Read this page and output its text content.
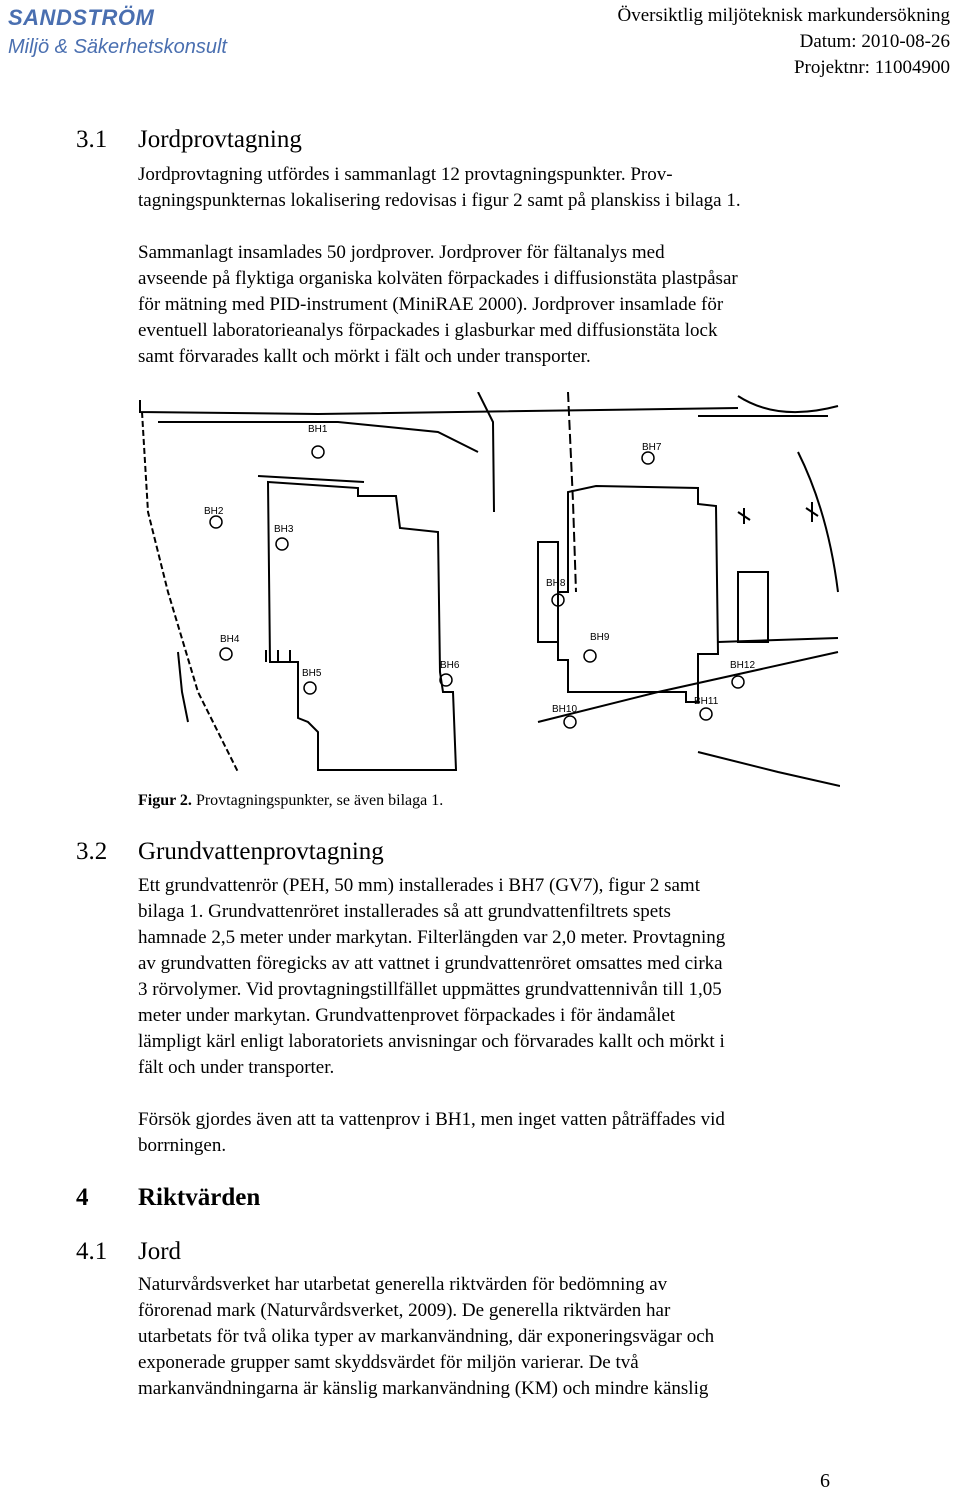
SANDSTRÖM
Miljö & Säkerhetskonsult
Översiktlig miljöteknisk markundersökning
Datum: 2010-08-26
Projektnr: 11004900
3.1 Jordprovtagning

Jordprovtagning utfördes i sammanlagt 12 provtagningspunkter. Prov-

tagningspunkternas lokalisering redovisas i figur 2 samt på planskiss i bilaga 1.

Sammanlagt insamlades 50 jordprover. Jordprover för fältanalys med

avseende på flyktiga organiska kolväten förpackades i diffusionstäta plastpåsar

för mätning med PID-instrument (MiniRAE 2000). Jordprover insamlade för

eventuell laboratorieanalys förpackades i glasburkar med diffusionstäta lock

samt förvarades kallt och mörkt i fält och under transporter.

BH1
BH2
BH3
BH4
BH5
BH6
BH7
BH8
BH9
BH10
BH11
BH12
Figur 2. Provtagningspunkter, se även bilaga 1.
3.2 Grundvattenprovtagning

Ett grundvattenrör (PEH, 50 mm) installerades i BH7 (GV7), figur 2 samt

bilaga 1. Grundvattenröret installerades så att grundvattenfiltrets spets

hamnade 2,5 meter under markytan. Filterlängden var 2,0 meter. Provtagning

av grundvatten föregicks av att vattnet i grundvattenröret omsattes med cirka

3 rörvolymer. Vid provtagningstillfället uppmättes grundvattennivån till 1,05

meter under markytan. Grundvattenprovet förpackades i för ändamålet

lämpligt kärl enligt laboratoriets anvisningar och förvarades kallt och mörkt i

fält och under transporter.

Försök gjordes även att ta vattenprov i BH1, men inget vatten påträffades vid

borrningen.

4 Riktvärden
4.1 Jord

Naturvårdsverket har utarbetat generella riktvärden för bedömning av

förorenad mark (Naturvårdsverket, 2009). De generella riktvärden har

utarbetats för två olika typer av markanvändning, där exponeringsvägar och

exponerade grupper samt skyddsvärdet för miljön varierar. De två

markanvändningarna är känslig markanvändning (KM) och mindre känslig

6
